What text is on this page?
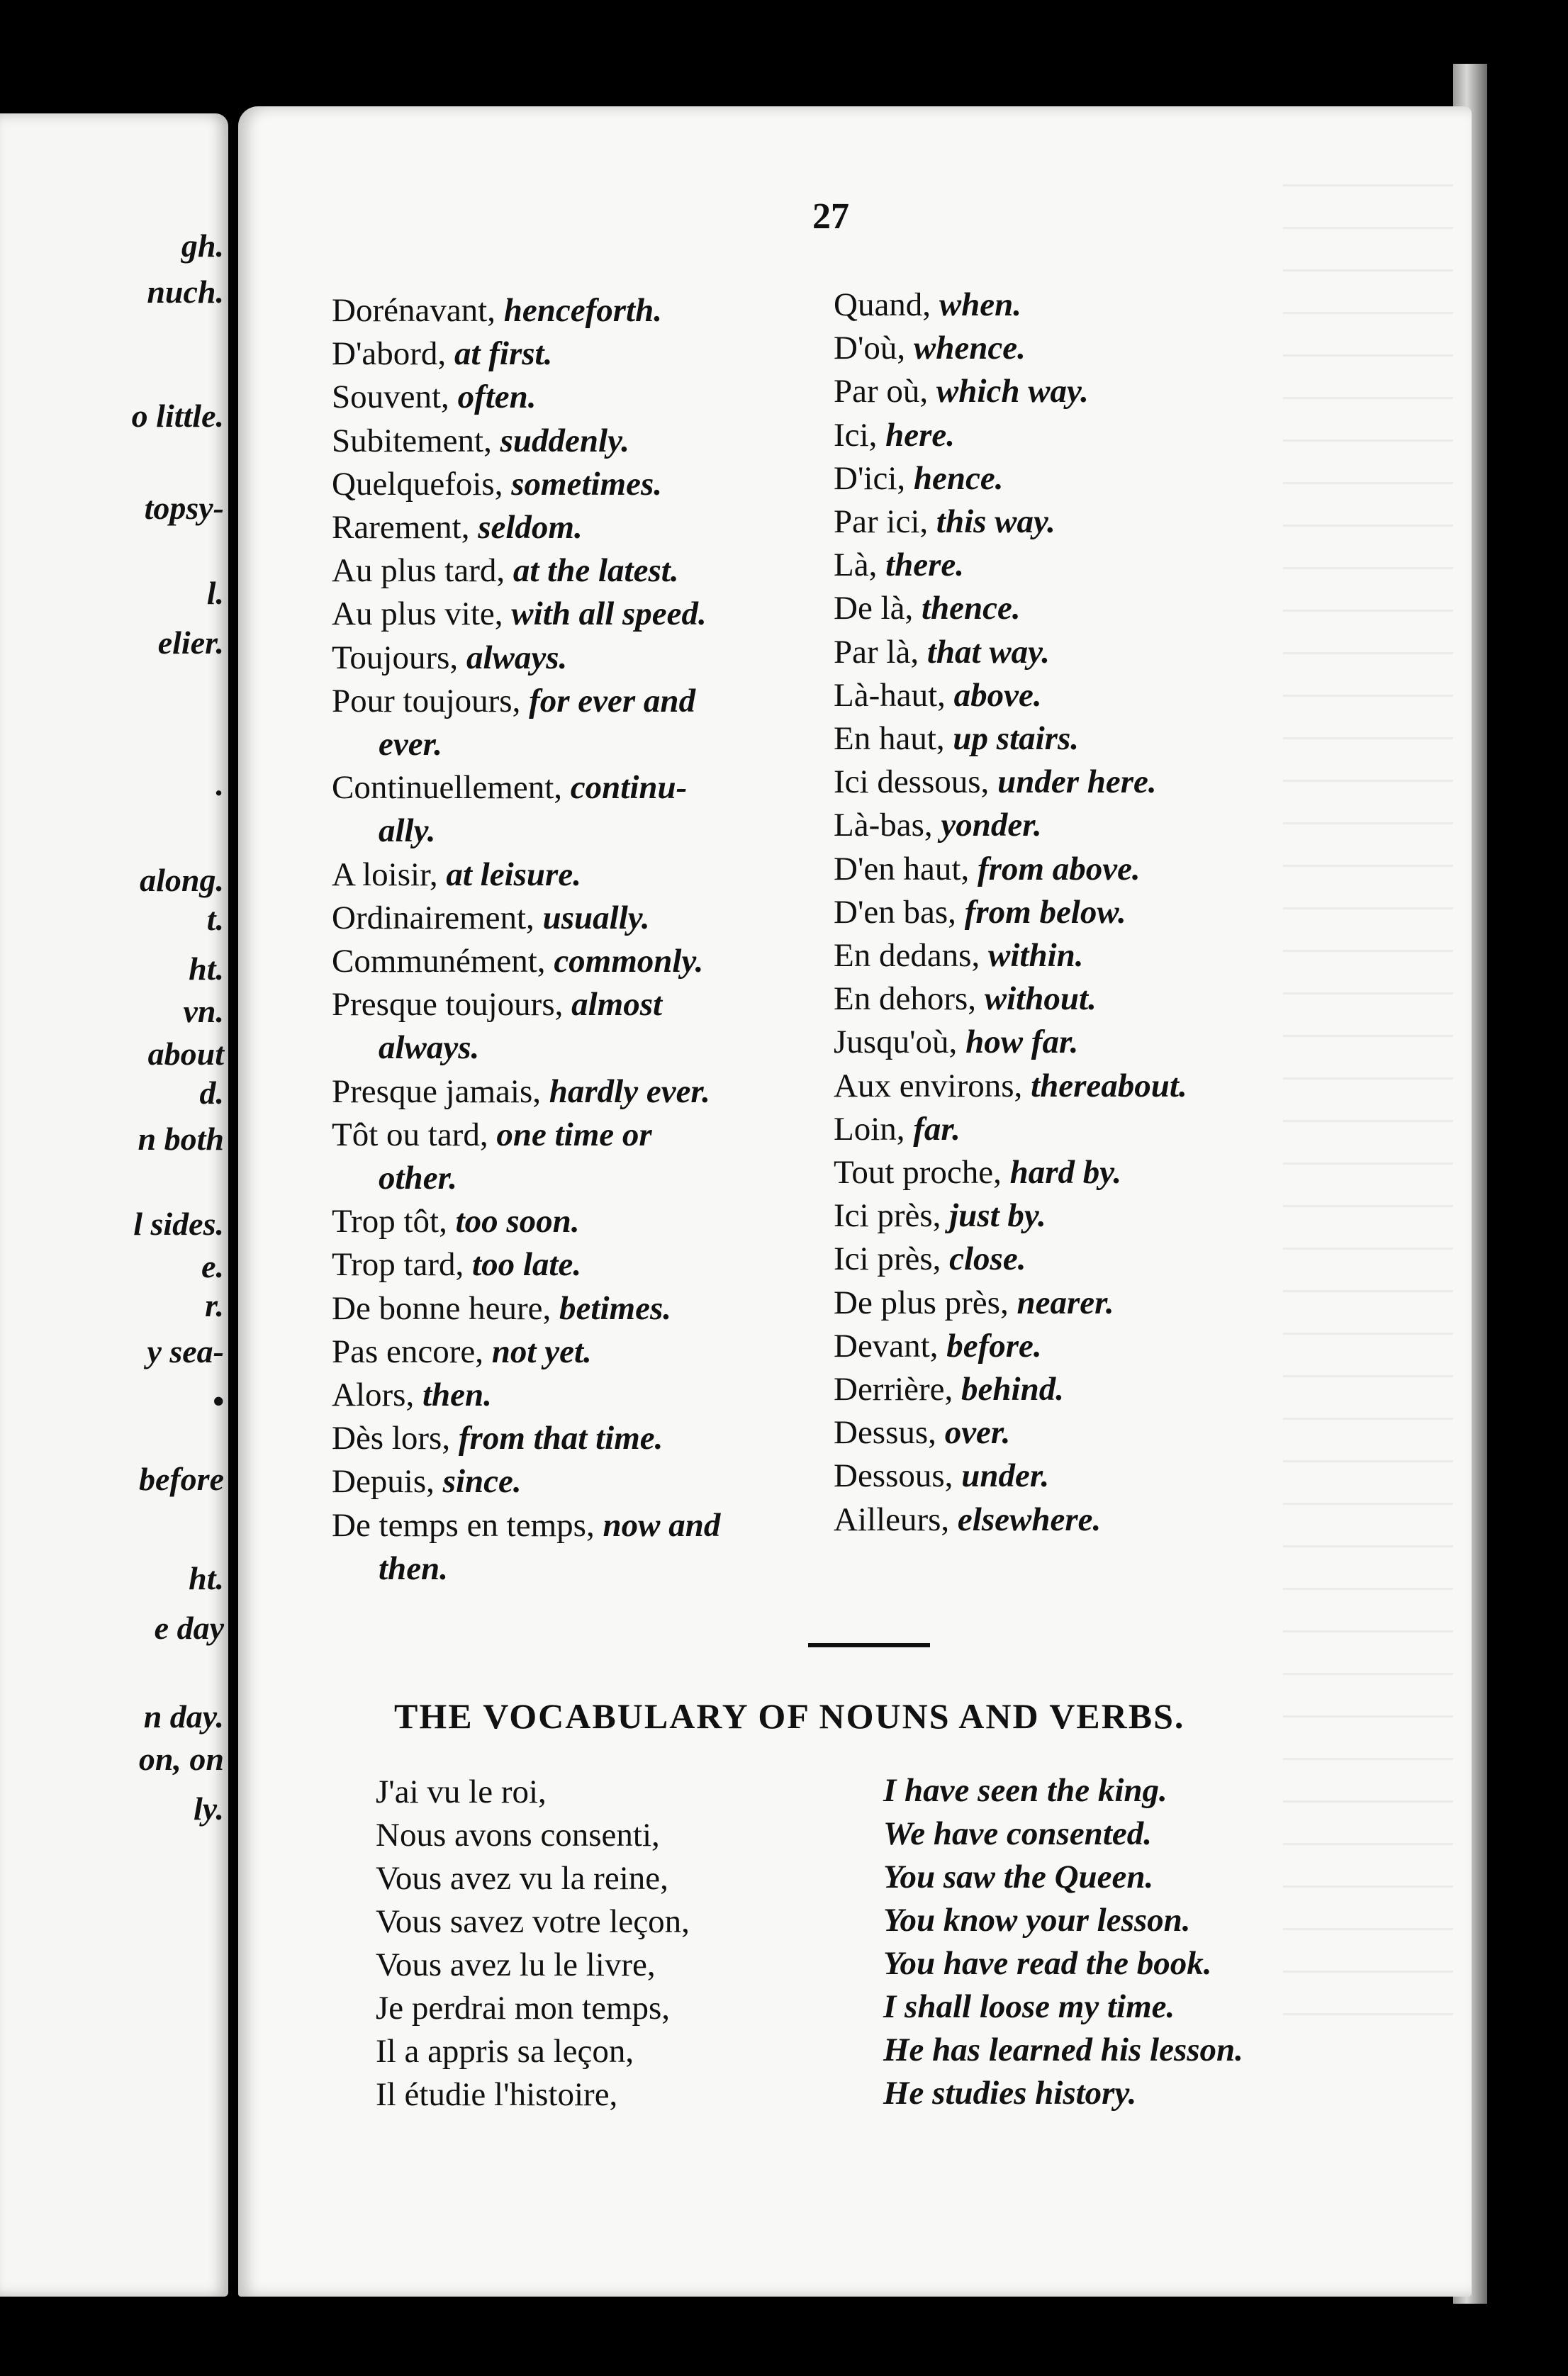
gh.
nuch.
o little.
topsy-
l.
elier.
.
along.
t.
ht.
vn.
about
d.
n both
l sides.
e.
r.
y sea-
•
before
ht.
e day
n day.
on, on
ly.
27
Dorénavant, henceforth.
D'abord, at first.
Souvent, often.
Subitement, suddenly.
Quelquefois, sometimes.
Rarement, seldom.
Au plus tard, at the latest.
Au plus vite, with all speed.
Toujours, always.
Pour toujours, for ever and
ever.
Continuellement, continu-
ally.
A loisir, at leisure.
Ordinairement, usually.
Communément, commonly.
Presque toujours, almost
always.
Presque jamais, hardly ever.
Tôt ou tard, one time or
other.
Trop tôt, too soon.
Trop tard, too late.
De bonne heure, betimes.
Pas encore, not yet.
Alors, then.
Dès lors, from that time.
Depuis, since.
De temps en temps, now and
then.
Quand, when.
D'où, whence.
Par où, which way.
Ici, here.
D'ici, hence.
Par ici, this way.
Là, there.
De là, thence.
Par là, that way.
Là-haut, above.
En haut, up stairs.
Ici dessous, under here.
Là-bas, yonder.
D'en haut, from above.
D'en bas, from below.
En dedans, within.
En dehors, without.
Jusqu'où, how far.
Aux environs, thereabout.
Loin, far.
Tout proche, hard by.
Ici près, just by.
Ici près, close.
De plus près, nearer.
Devant, before.
Derrière, behind.
Dessus, over.
Dessous, under.
Ailleurs, elsewhere.
THE VOCABULARY OF NOUNS AND VERBS.
J'ai vu le roi,
Nous avons consenti,
Vous avez vu la reine,
Vous savez votre leçon,
Vous avez lu le livre,
Je perdrai mon temps,
Il a appris sa leçon,
Il étudie l'histoire,
I have seen the king.
We have consented.
You saw the Queen.
You know your lesson.
You have read the book.
I shall loose my time.
He has learned his lesson.
He studies history.
